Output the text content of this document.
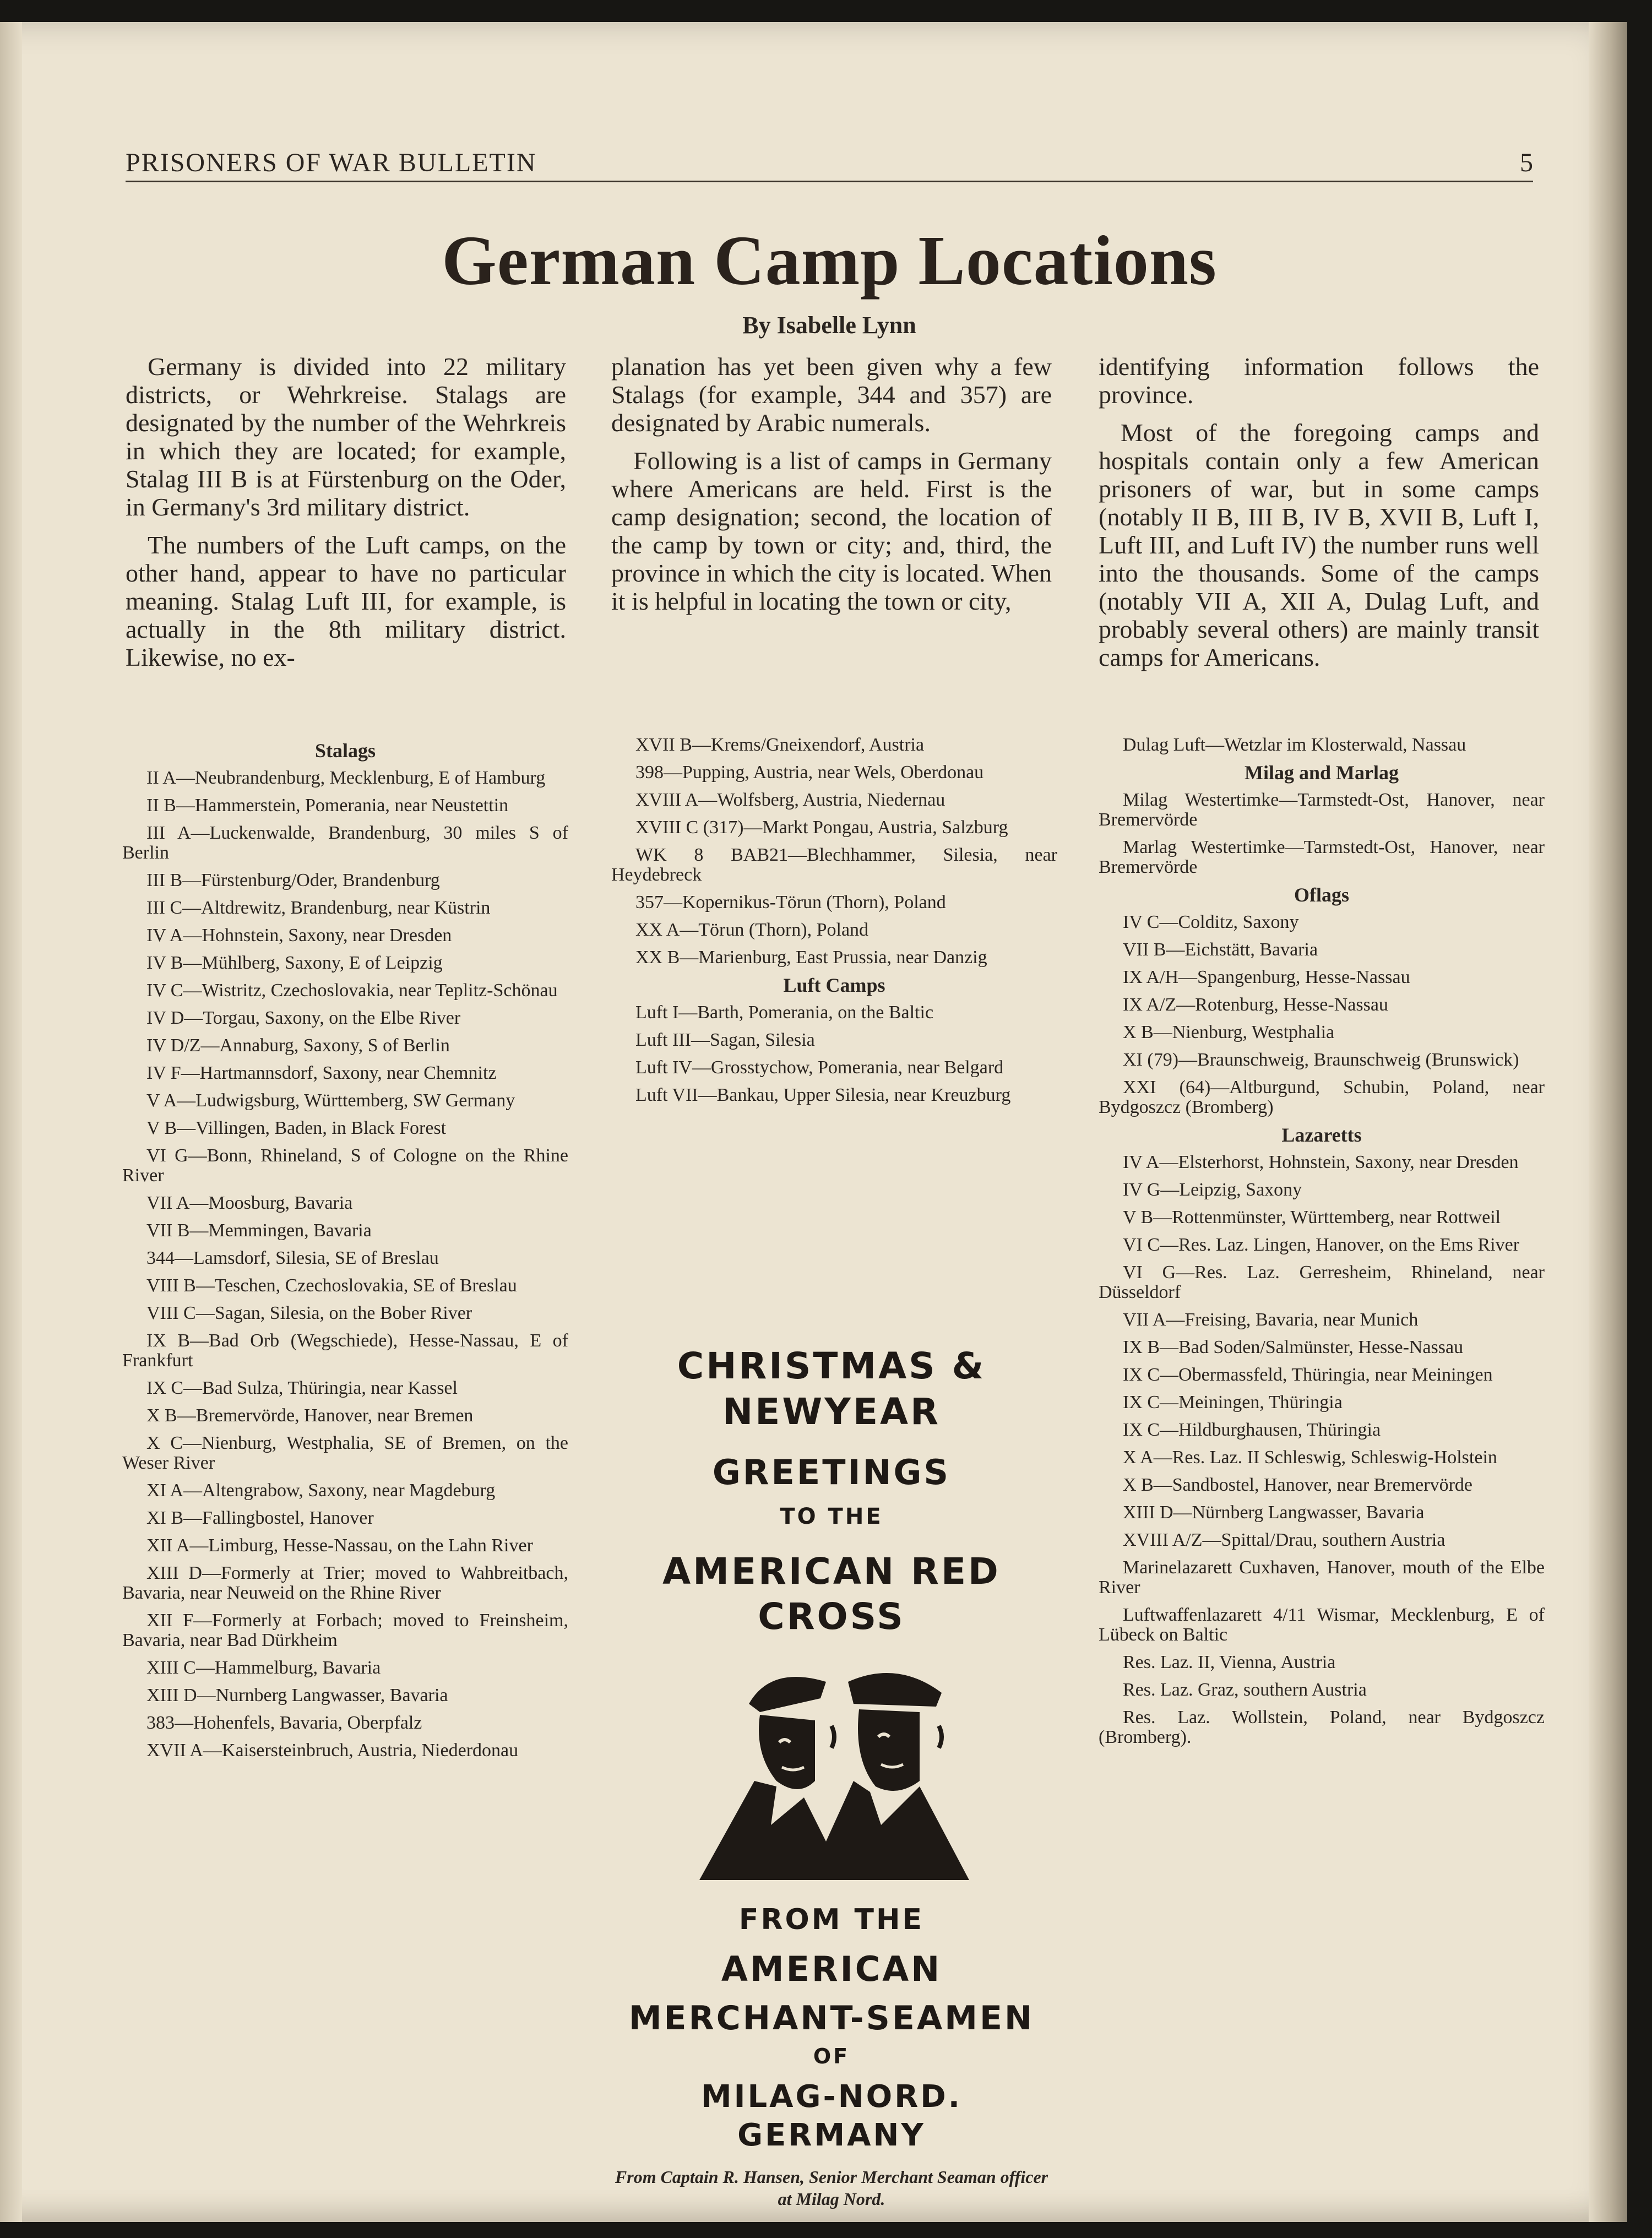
PRISONERS OF WAR BULLETIN	5
German Camp Locations
By Isabelle Lynn

Germany is divided into 22 military districts, or Wehrkreise. Stalags are designated by the number of the Wehrkreis in which they are located; for example, Stalag III B is at Fürstenburg on the Oder, in Germany's 3rd military district.

The numbers of the Luft camps, on the other hand, appear to have no particular meaning. Stalag Luft III, for example, is actually in the 8th military district. Likewise, no ex-

planation has yet been given why a few Stalags (for example, 344 and 357) are designated by Arabic numerals.

Following is a list of camps in Germany where Americans are held. First is the camp designation; second, the location of the camp by town or city; and, third, the province in which the city is located. When it is helpful in locating the town or city,

identifying information follows the province.

Most of the foregoing camps and hospitals contain only a few American prisoners of war, but in some camps (notably II B, III B, IV B, XVII B, Luft I, Luft III, and Luft IV) the number runs well into the thousands. Some of the camps (notably VII A, XII A, Dulag Luft, and probably several others) are mainly transit camps for Americans.

Stalags
II A—Neubrandenburg, Mecklenburg, E of Hamburg
II B—Hammerstein, Pomerania, near Neustettin
III A—Luckenwalde, Brandenburg, 30 miles S of Berlin
III B—Fürstenburg/Oder, Brandenburg
III C—Altdrewitz, Brandenburg, near Küstrin
IV A—Hohnstein, Saxony, near Dresden
IV B—Mühlberg, Saxony, E of Leipzig
IV C—Wistritz, Czechoslovakia, near Teplitz-Schönau
IV D—Torgau, Saxony, on the Elbe River
IV D/Z—Annaburg, Saxony, S of Berlin
IV F—Hartmannsdorf, Saxony, near Chemnitz
V A—Ludwigsburg, Württemberg, SW Germany
V B—Villingen, Baden, in Black Forest
VI G—Bonn, Rhineland, S of Cologne on the Rhine River
VII A—Moosburg, Bavaria
VII B—Memmingen, Bavaria
344—Lamsdorf, Silesia, SE of Breslau
VIII B—Teschen, Czechoslovakia, SE of Breslau
VIII C—Sagan, Silesia, on the Bober River
IX B—Bad Orb (Wegschiede), Hesse-Nassau, E of Frankfurt
IX C—Bad Sulza, Thüringia, near Kassel
X B—Bremervörde, Hanover, near Bremen
X C—Nienburg, Westphalia, SE of Bremen, on the Weser River
XI A—Altengrabow, Saxony, near Magdeburg
XI B—Fallingbostel, Hanover
XII A—Limburg, Hesse-Nassau, on the Lahn River
XIII D—Formerly at Trier; moved to Wahbreitbach, Bavaria, near Neuweid on the Rhine River
XII F—Formerly at Forbach; moved to Freinsheim, Bavaria, near Bad Dürkheim
XIII C—Hammelburg, Bavaria
XIII D—Nurnberg Langwasser, Bavaria
383—Hohenfels, Bavaria, Oberpfalz
XVII A—Kaisersteinbruch, Austria, Niederdonau
XVII B—Krems/Gneixendorf, Austria
398—Pupping, Austria, near Wels, Oberdonau
XVIII A—Wolfsberg, Austria, Niedernau
XVIII C (317)—Markt Pongau, Austria, Salzburg
WK 8 BAB21—Blechhammer, Silesia, near Heydebreck
357—Kopernikus-Törun (Thorn), Poland
XX A—Törun (Thorn), Poland
XX B—Marienburg, East Prussia, near Danzig
Luft Camps
Luft I—Barth, Pomerania, on the Baltic
Luft III—Sagan, Silesia
Luft IV—Grosstychow, Pomerania, near Belgard
Luft VII—Bankau, Upper Silesia, near Kreuzburg
Dulag Luft—Wetzlar im Klosterwald, Nassau
Milag and Marlag
Milag Westertimke—Tarmstedt-Ost, Hanover, near Bremervörde
Marlag Westertimke—Tarmstedt-Ost, Hanover, near Bremervörde
Oflags
IV C—Colditz, Saxony
VII B—Eichstätt, Bavaria
IX A/H—Spangenburg, Hesse-Nassau
IX A/Z—Rotenburg, Hesse-Nassau
X B—Nienburg, Westphalia
XI (79)—Braunschweig, Braunschweig (Brunswick)
XXI (64)—Altburgund, Schubin, Poland, near Bydgoszcz (Bromberg)
Lazaretts
IV A—Elsterhorst, Hohnstein, Saxony, near Dresden
IV G—Leipzig, Saxony
V B—Rottenmünster, Württemberg, near Rottweil
VI C—Res. Laz. Lingen, Hanover, on the Ems River
VI G—Res. Laz. Gerresheim, Rhineland, near Düsseldorf
VII A—Freising, Bavaria, near Munich
IX B—Bad Soden/Salmünster, Hesse-Nassau
IX C—Obermassfeld, Thüringia, near Meiningen
IX C—Meiningen, Thüringia
IX C—Hildburghausen, Thüringia
X A—Res. Laz. II Schleswig, Schleswig-Holstein
X B—Sandbostel, Hanover, near Bremervörde
XIII D—Nürnberg Langwasser, Bavaria
XVIII A/Z—Spittal/Drau, southern Austria
Marinelazarett Cuxhaven, Hanover, mouth of the Elbe River
Luftwaffenlazarett 4/11 Wismar, Mecklenburg, E of Lübeck on Baltic
Res. Laz. II, Vienna, Austria
Res. Laz. Graz, southern Austria
Res. Laz. Wollstein, Poland, near Bydgoszcz (Bromberg).
CHRISTMAS & NEWYEAR
GREETINGS
TO THE
AMERICAN RED CROSS
FROM THE
AMERICAN
MERCHANT-SEAMEN
OF
MILAG-NORD. GERMANY
From Captain R. Hansen, Senior Merchant Seaman officer at Milag Nord.
